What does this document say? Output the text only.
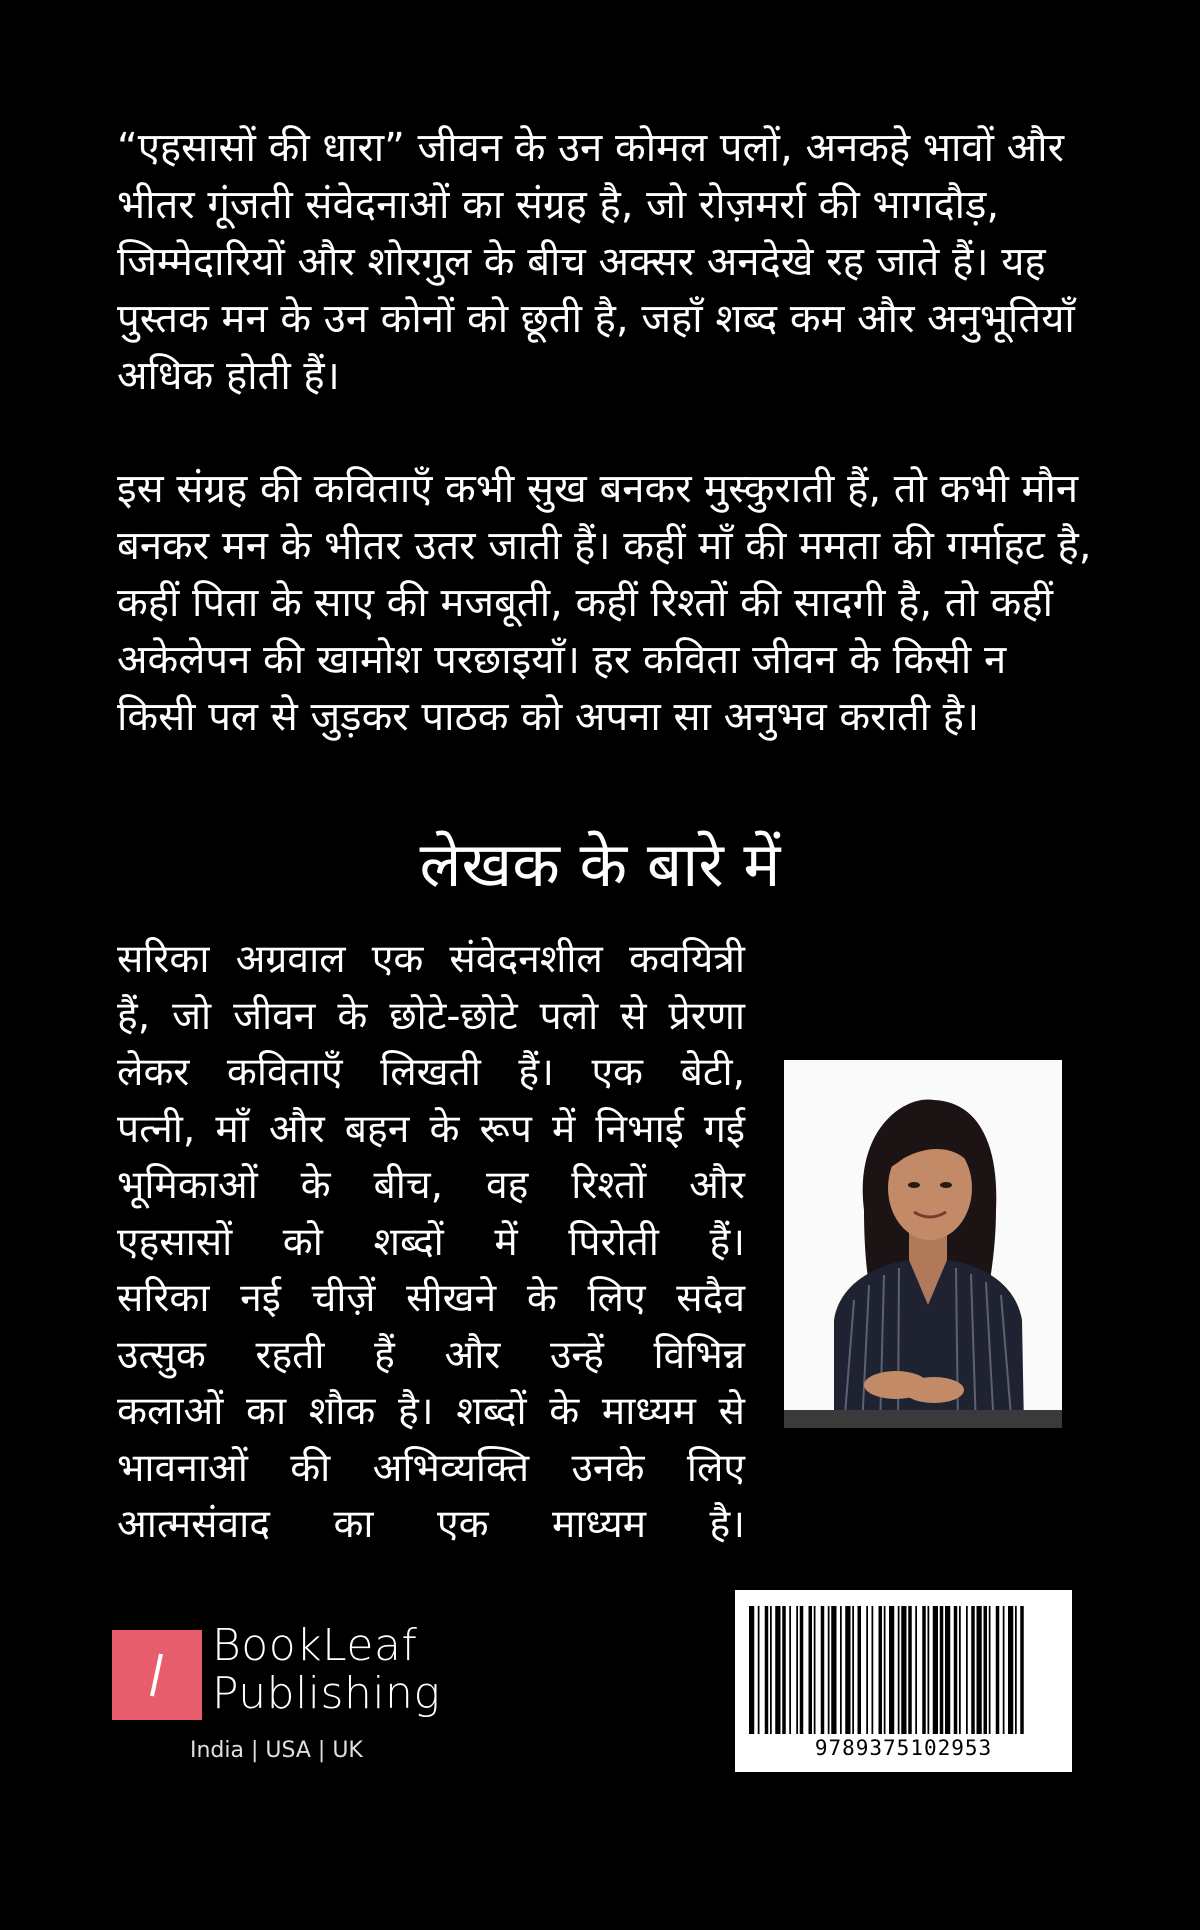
“एहसासों की धारा” जीवन के उन कोमल पलों, अनकहे भावों और भीतर गूंजती संवेदनाओं का संग्रह है, जो रोज़मर्रा की भागदौड़, जिम्मेदारियों और शोरगुल के बीच अक्सर अनदेखे रह जाते हैं। यह पुस्तक मन के उन कोनों को छूती है, जहाँ शब्द कम और अनुभूतियाँ अधिक होती हैं।

इस संग्रह की कविताएँ कभी सुख बनकर मुस्कुराती हैं, तो कभी मौन बनकर मन के भीतर उतर जाती हैं। कहीं माँ की ममता की गर्माहट है, कहीं पिता के साए की मजबूती, कहीं रिश्तों की सादगी है, तो कहीं अकेलेपन की खामोश परछाइयाँ। हर कविता जीवन के किसी न किसी पल से जुड़कर पाठक को अपना सा अनुभव कराती है।

लेखक के बारे में
सरिका अग्रवाल एक संवेदनशील कवयित्री
हैं, जो जीवन के छोटे-छोटे पलो से प्रेरणा
लेकर कविताएँ लिखती हैं। एक बेटी,
पत्नी, माँ और बहन के रूप में निभाई गई
भूमिकाओं के बीच, वह रिश्तों और
एहसासों को शब्दों में पिरोती हैं।
सरिका नई चीज़ें सीखने के लिए सदैव
उत्सुक रहती हैं और उन्हें विभिन्न
कलाओं का शौक है। शब्दों के माध्यम से
भावनाओं की अभिव्यक्ति उनके लिए
आत्मसंवाद का एक माध्यम है।
BookLeaf
Publishing
India | USA | UK	9789375102953
